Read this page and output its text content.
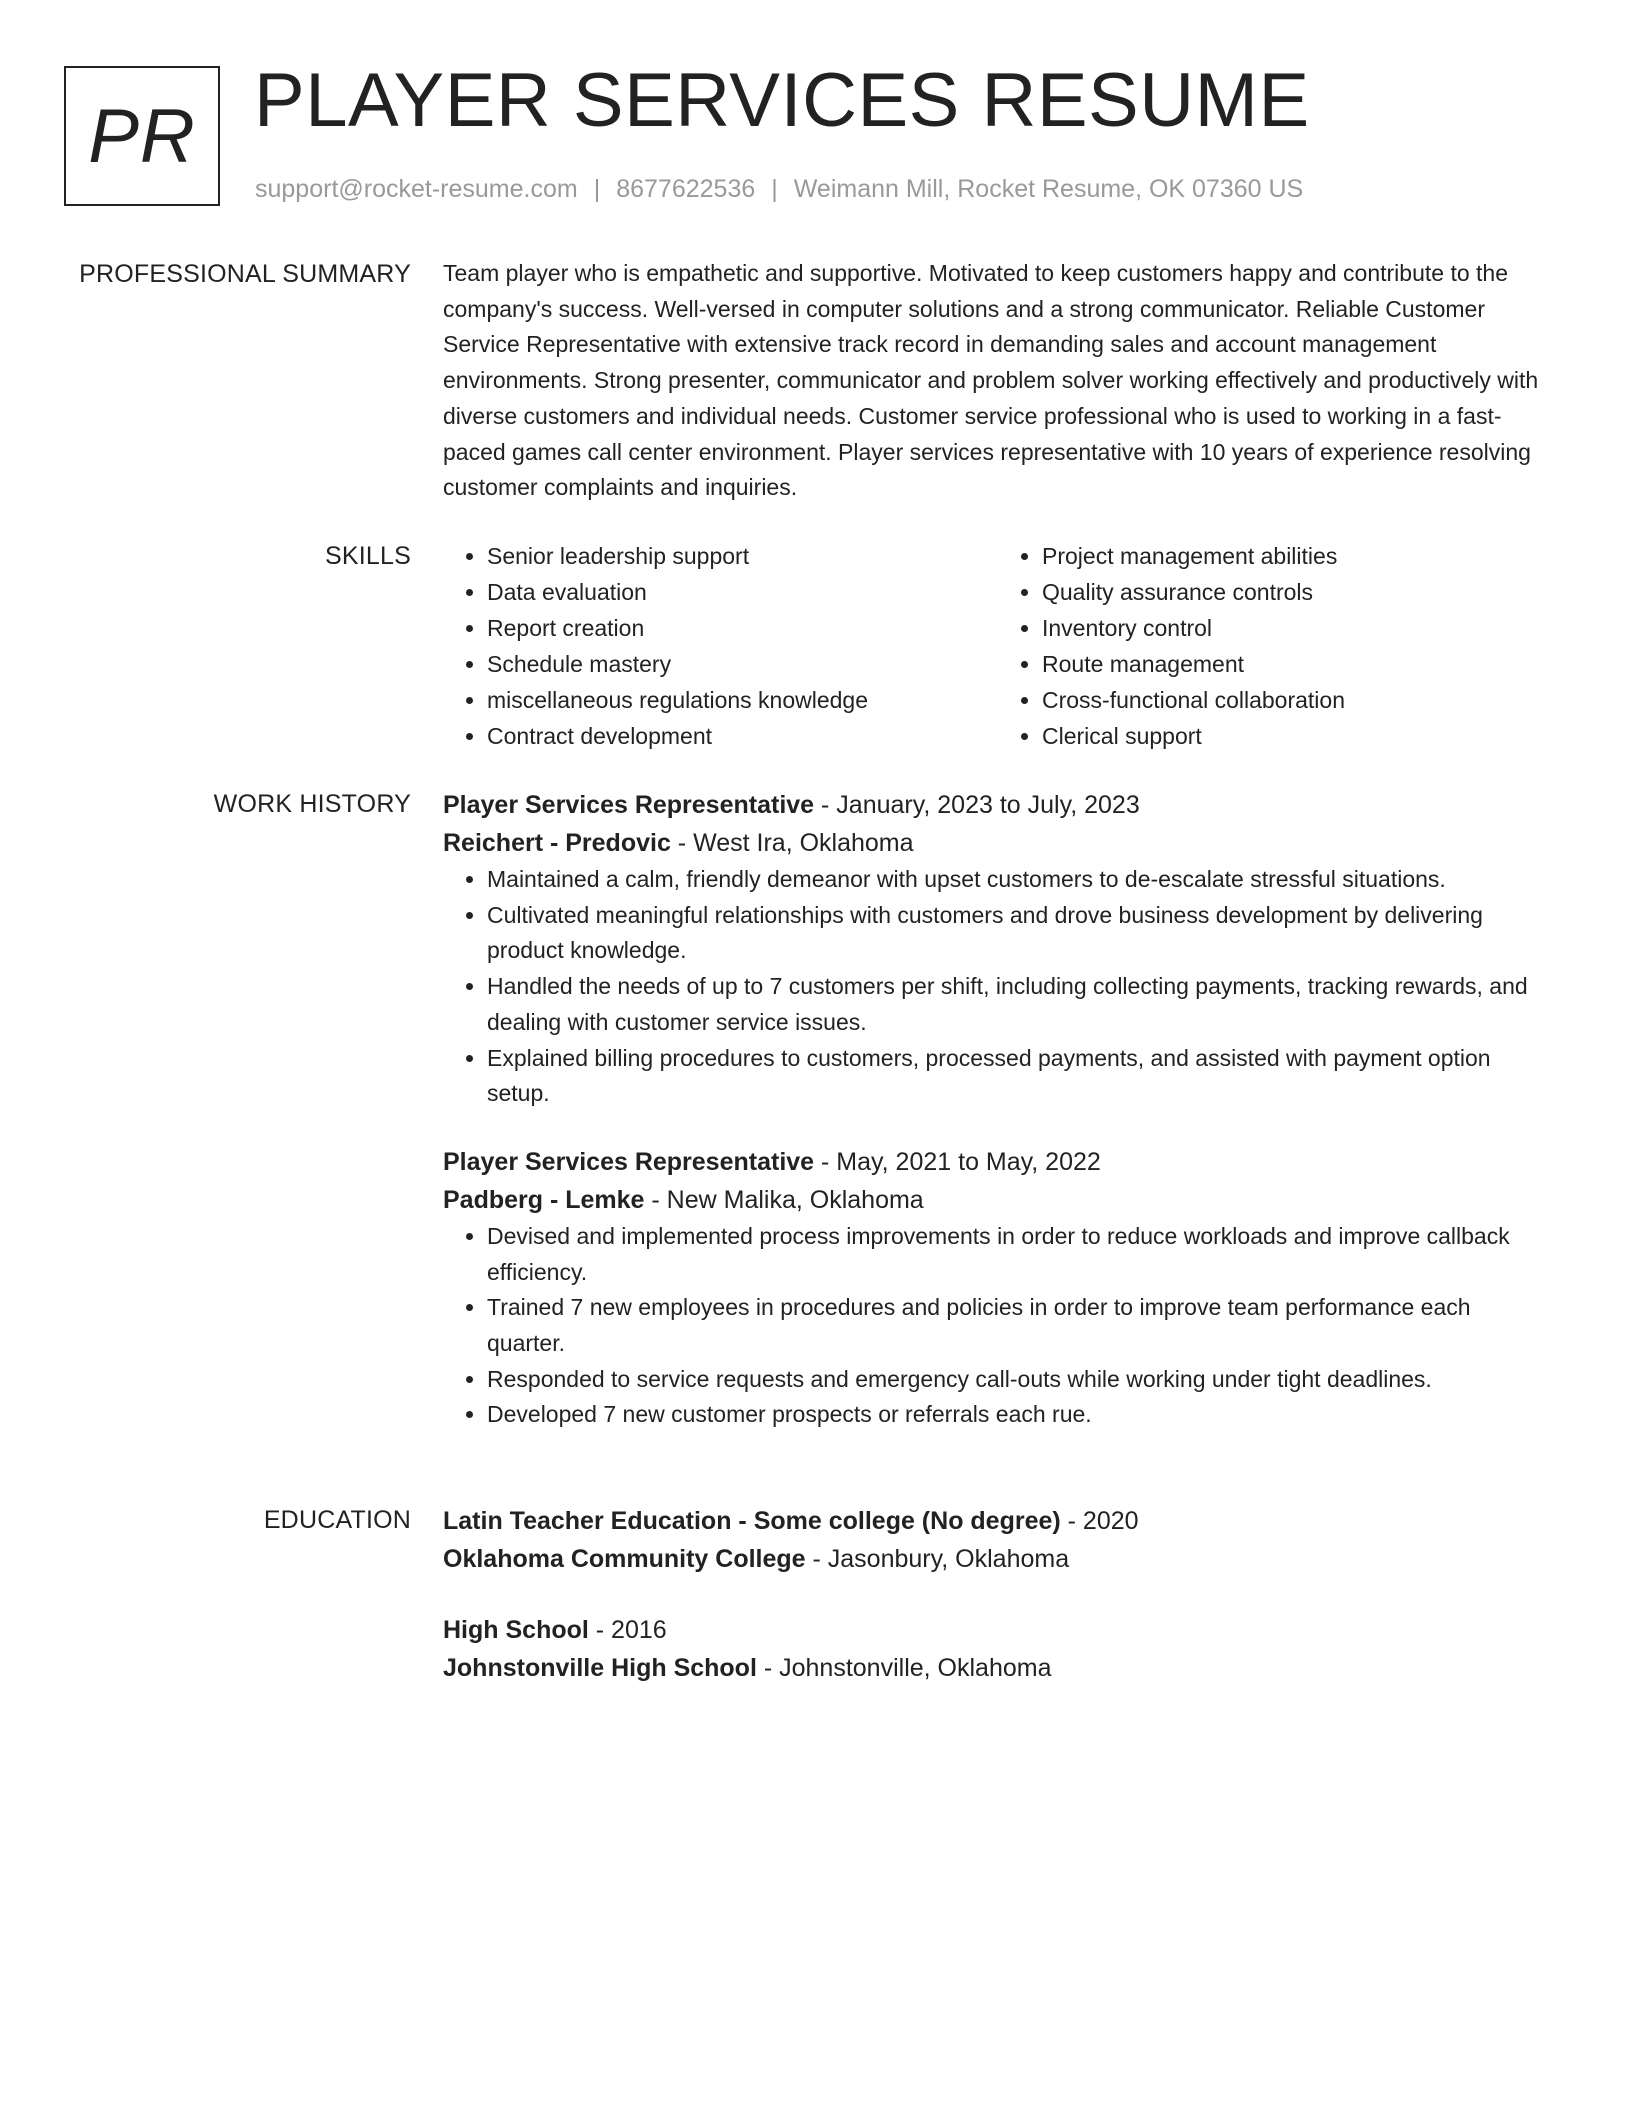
PR PLAYER SERVICES RESUME
support@rocket-resume.com | 8677622536 | Weimann Mill, Rocket Resume, OK 07360 US
PROFESSIONAL SUMMARY Team player who is empathetic and supportive. Motivated to keep customers happy and contribute to the company's success. Well-versed in computer solutions and a strong communicator. Reliable Customer Service Representative with extensive track record in demanding sales and account management environments. Strong presenter, communicator and problem solver working effectively and productively with diverse customers and individual needs. Customer service professional who is used to working in a fast-paced games call center environment. Player services representative with 10 years of experience resolving customer complaints and inquiries.

SKILLS
•	Senior leadership support
• Data evaluation
• Report creation
• Schedule mastery
• miscellaneous regulations knowledge
• Contract development
• Project management abilities
• Quality assurance controls
• Inventory control
• Route management
• Cross-functional collaboration
• Clerical support
WORK HISTORY Player Services Representative - January, 2023 to July, 2023
Reichert - Predovic - West Ira, Oklahoma
• Maintained a calm, friendly demeanor with upset customers to de-escalate stressful situations.
• Cultivated meaningful relationships with customers and drove business development by delivering product knowledge.
• Handled the needs of up to 7 customers per shift, including collecting payments, tracking rewards, and dealing with customer service issues.
• Explained billing procedures to customers, processed payments, and assisted with payment option setup.
Player Services Representative - May, 2021 to May, 2022
Padberg - Lemke - New Malika, Oklahoma
• Devised and implemented process improvements in order to reduce workloads and improve callback efficiency.
• Trained 7 new employees in procedures and policies in order to improve team performance each quarter.
• Responded to service requests and emergency call-outs while working under tight deadlines.
• Developed 7 new customer prospects or referrals each rue.
EDUCATION Latin Teacher Education - Some college (No degree) - 2020
Oklahoma Community College - Jasonbury, Oklahoma
High School - 2016
Johnstonville High School - Johnstonville, Oklahoma
